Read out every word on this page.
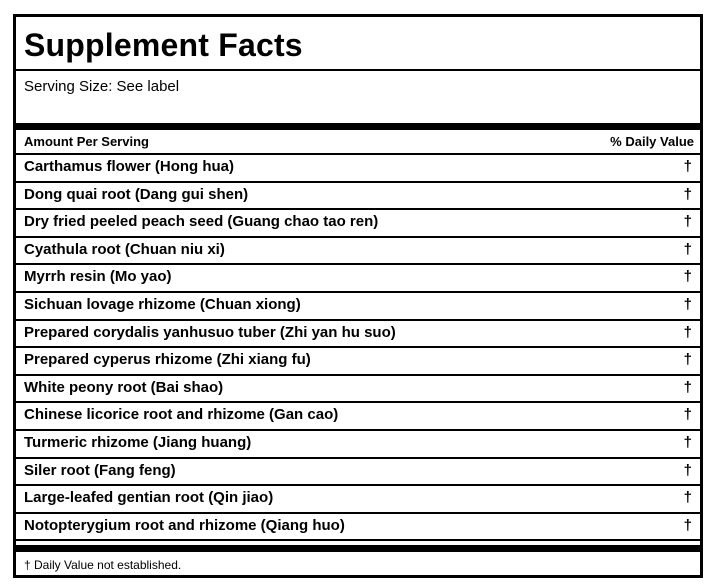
Supplement Facts
Serving Size: See label
Amount Per Serving	% Daily Value
Carthamus flower (Hong hua)	†
Dong quai root (Dang gui shen)	†
Dry fried peeled peach seed (Guang chao tao ren)	†
Cyathula root (Chuan niu xi)	†
Myrrh resin (Mo yao)	†
Sichuan lovage rhizome (Chuan xiong)	†
Prepared corydalis yanhusuo tuber (Zhi yan hu suo)	†
Prepared cyperus rhizome (Zhi xiang fu)	†
White peony root (Bai shao)	†
Chinese licorice root and rhizome (Gan cao)	†
Turmeric rhizome (Jiang huang)	†
Siler root (Fang feng)	†
Large-leafed gentian root (Qin jiao)	†
Notopterygium root and rhizome (Qiang huo)	†
† Daily Value not established.
